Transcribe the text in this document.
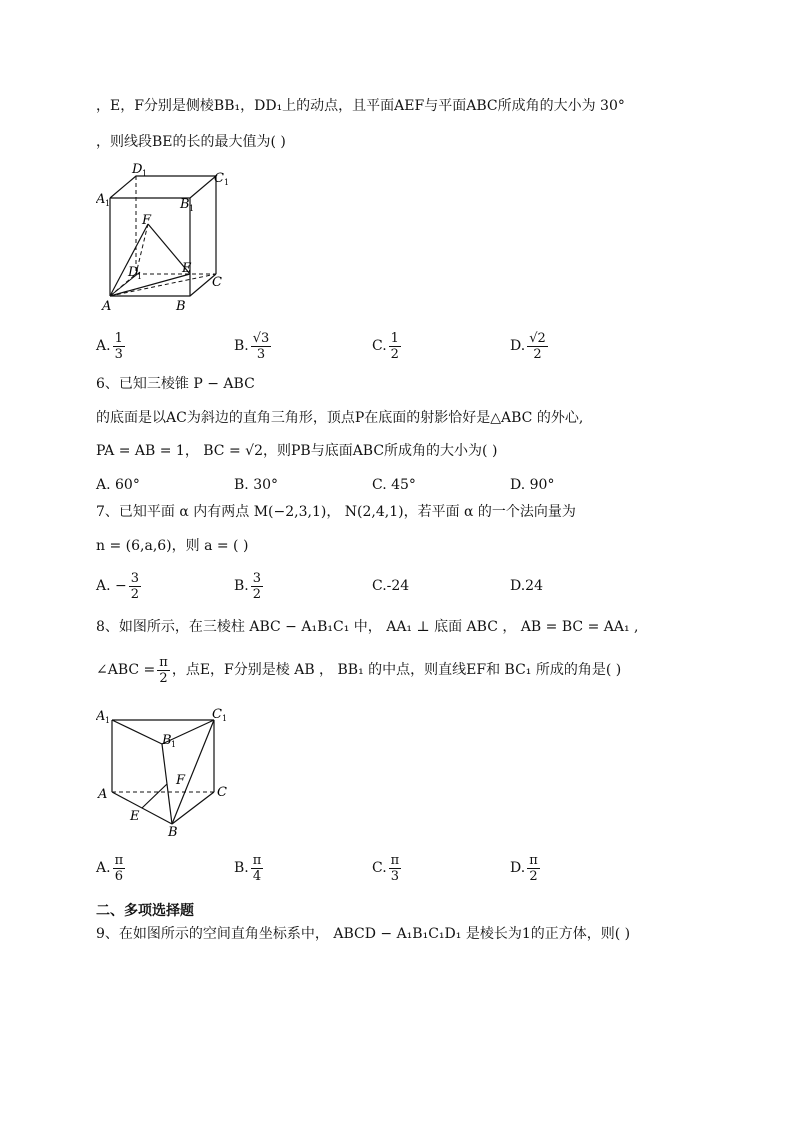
，E，F分别是侧棱BB₁，DD₁上的动点，且平面AEF与平面ABC所成角的大小为 30°
，则线段BE的长的最大值为( )
D 1	C 1
A 1	B 1
F
E
D
1	C
A	B
A. $\frac{1}{3}$	B. $\frac{√3}{3}$	C. $\frac{1}{2}$	D. $\frac{√2}{2}$
6、已知三棱锥 P − ABC
的底面是以AC为斜边的直角三角形，顶点P在底面的射影恰好是△ABC 的外心,
PA = AB = 1， BC = √2，则PB与底面ABC所成角的大小为( )
A. 60°	B. 30°	C. 45°	D. 90°
7、已知平面 α 内有两点 M(−2,3,1)， N(2,4,1)，若平面 α 的一个法向量为
n = (6,a,6)，则 a = ( )
A. − $\frac{3}{2}$	B. $\frac{3}{2}$	C.-24	D.24
8、如图所示，在三棱柱 ABC − A₁B₁C₁ 中， AA₁ ⊥ 底面 ABC ， AB = BC = AA₁ ,
∠ABC = $\frac{\pi}{2}$ ，点E，F分别是棱 AB ， BB₁ 的中点，则直线EF和 BC₁ 所成的角是( )
A 1
B 1
C 1
F
A	C
E
B
A. $\frac{\pi}{6}$	B. $\frac{\pi}{4}$	C. $\frac{\pi}{3}$	D. $\frac{\pi}{2}$
二、多项选择题
9、在如图所示的空间直角坐标系中， ABCD − A₁B₁C₁D₁ 是棱长为1的正方体，则( )
